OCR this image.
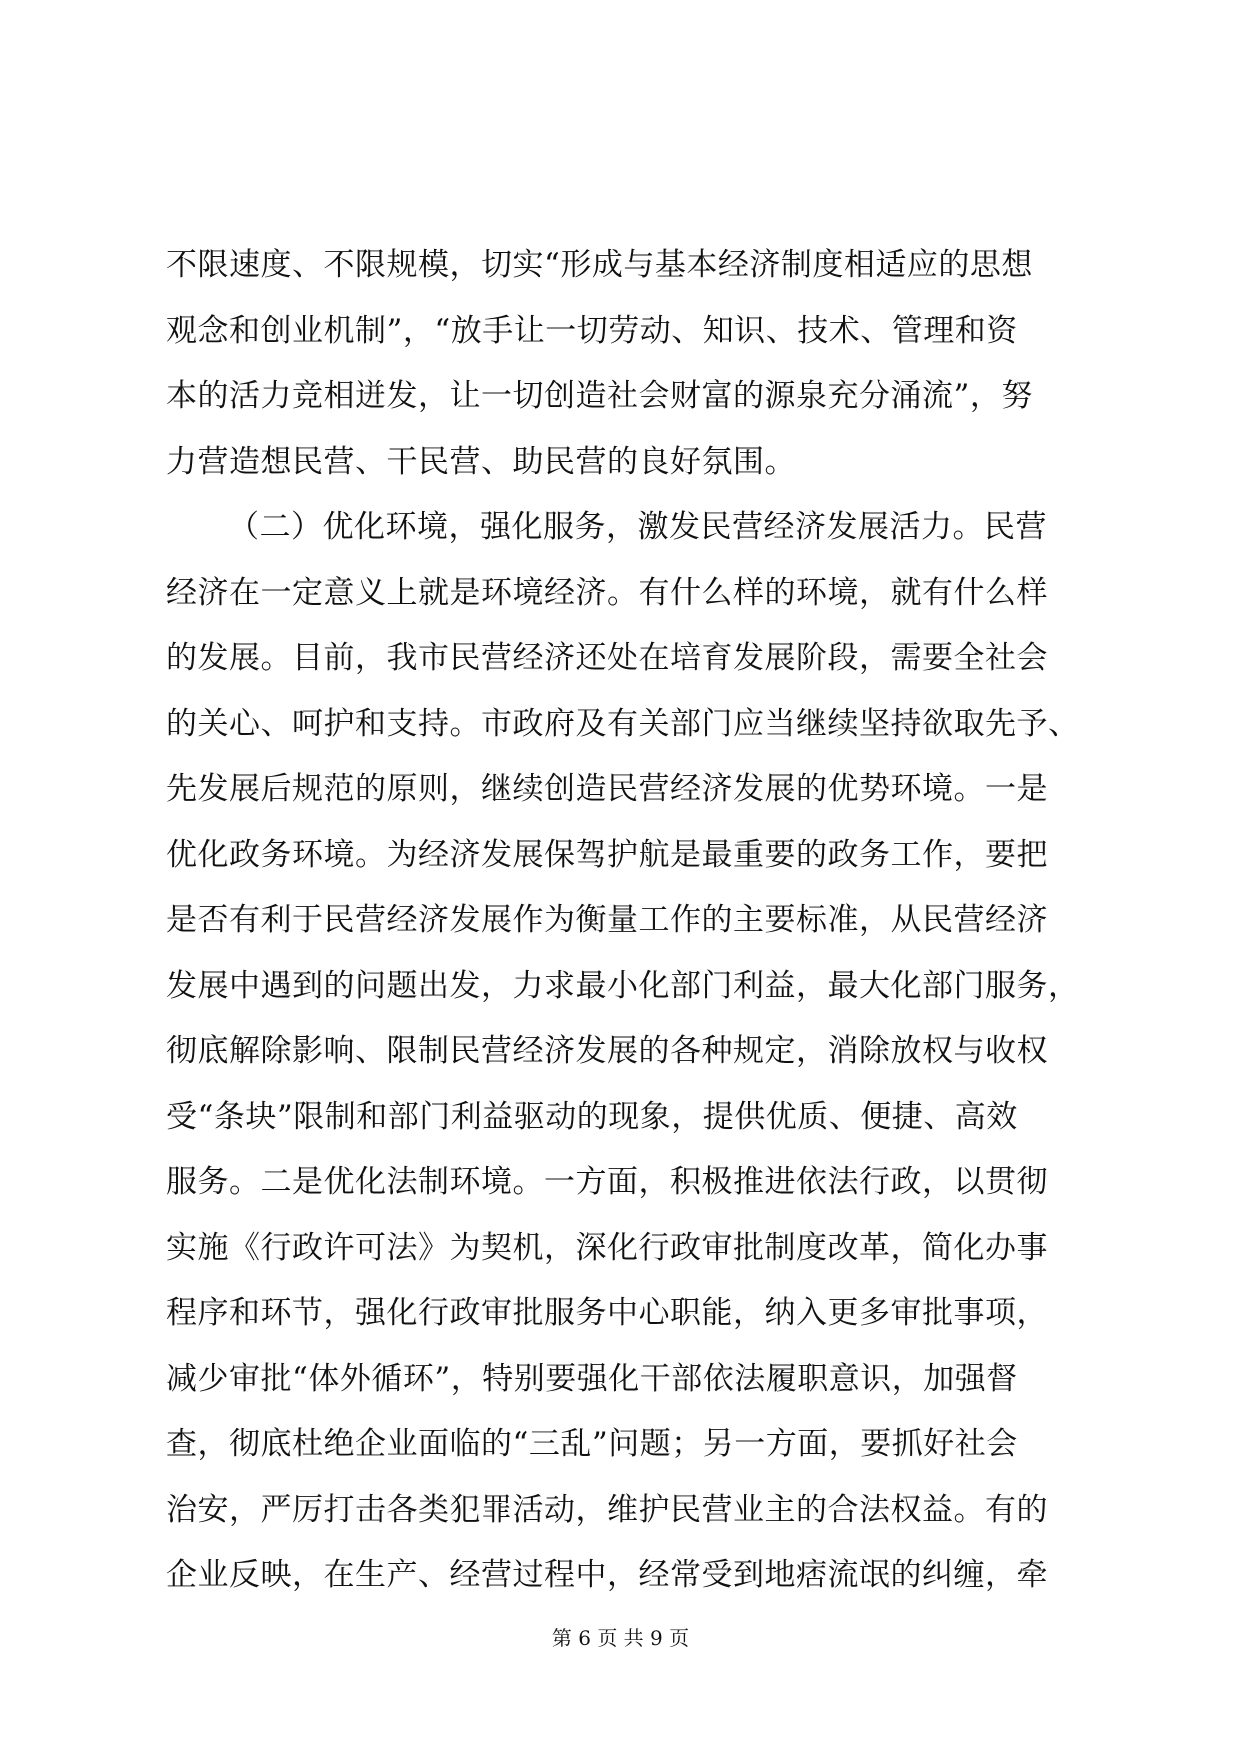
不限速度、不限规模，切实“形成与基本经济制度相适应的思想
观念和创业机制”，“放手让一切劳动、知识、技术、管理和资
本的活力竞相迸发，让一切创造社会财富的源泉充分涌流”，努
力营造想民营、干民营、助民营的良好氛围。
（二）优化环境，强化服务，激发民营经济发展活力。民营
经济在一定意义上就是环境经济。有什么样的环境，就有什么样
的发展。目前，我市民营经济还处在培育发展阶段，需要全社会
的关心、呵护和支持。市政府及有关部门应当继续坚持欲取先予、
先发展后规范的原则，继续创造民营经济发展的优势环境。一是
优化政务环境。为经济发展保驾护航是最重要的政务工作，要把
是否有利于民营经济发展作为衡量工作的主要标准，从民营经济
发展中遇到的问题出发，力求最小化部门利益，最大化部门服务，
彻底解除影响、限制民营经济发展的各种规定，消除放权与收权
受“条块”限制和部门利益驱动的现象，提供优质、便捷、高效
服务。二是优化法制环境。一方面，积极推进依法行政，以贯彻
实施《行政许可法》为契机，深化行政审批制度改革，简化办事
程序和环节，强化行政审批服务中心职能，纳入更多审批事项，
减少审批“体外循环”，特别要强化干部依法履职意识，加强督
查，彻底杜绝企业面临的“三乱”问题；另一方面，要抓好社会
治安，严厉打击各类犯罪活动，维护民营业主的合法权益。有的
企业反映，在生产、经营过程中，经常受到地痞流氓的纠缠，牵
第 6 页 共 9 页
